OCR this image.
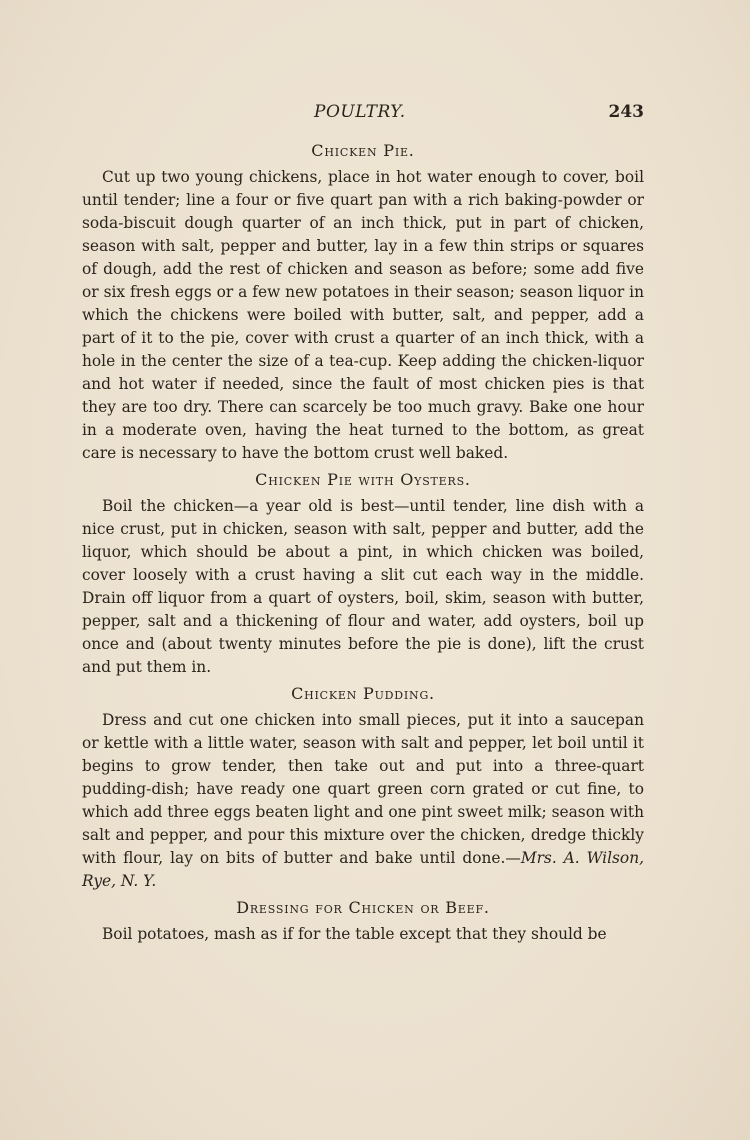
POULTRY.	243
Chicken Pie.

Cut up two young chickens, place in hot water enough to cover, boil until tender; line a four or five quart pan with a rich baking-powder or soda-biscuit dough quarter of an inch thick, put in part of chicken, season with salt, pepper and butter, lay in a few thin strips or squares of dough, add the rest of chicken and season as before; some add five or six fresh eggs or a few new potatoes in their season; season liquor in which the chickens were boiled with butter, salt, and pepper, add a part of it to the pie, cover with crust a quarter of an inch thick, with a hole in the center the size of a tea-cup. Keep adding the chicken-liquor and hot water if needed, since the fault of most chicken pies is that they are too dry. There can scarcely be too much gravy. Bake one hour in a moderate oven, having the heat turned to the bottom, as great care is necessary to have the bottom crust well baked.

Chicken Pie with Oysters.

Boil the chicken—a year old is best—until tender, line dish with a nice crust, put in chicken, season with salt, pepper and butter, add the liquor, which should be about a pint, in which chicken was boiled, cover loosely with a crust having a slit cut each way in the middle. Drain off liquor from a quart of oysters, boil, skim, season with butter, pepper, salt and a thickening of flour and water, add oysters, boil up once and (about twenty minutes before the pie is done), lift the crust and put them in.

Chicken Pudding.

Dress and cut one chicken into small pieces, put it into a saucepan or kettle with a little water, season with salt and pepper, let boil until it begins to grow tender, then take out and put into a three-quart pudding-dish; have ready one quart green corn grated or cut fine, to which add three eggs beaten light and one pint sweet milk; season with salt and pepper, and pour this mixture over the chicken, dredge thickly with flour, lay on bits of butter and bake until done.—Mrs. A. Wilson, Rye, N. Y.

Dressing for Chicken or Beef.

Boil potatoes, mash as if for the table except that they should be
